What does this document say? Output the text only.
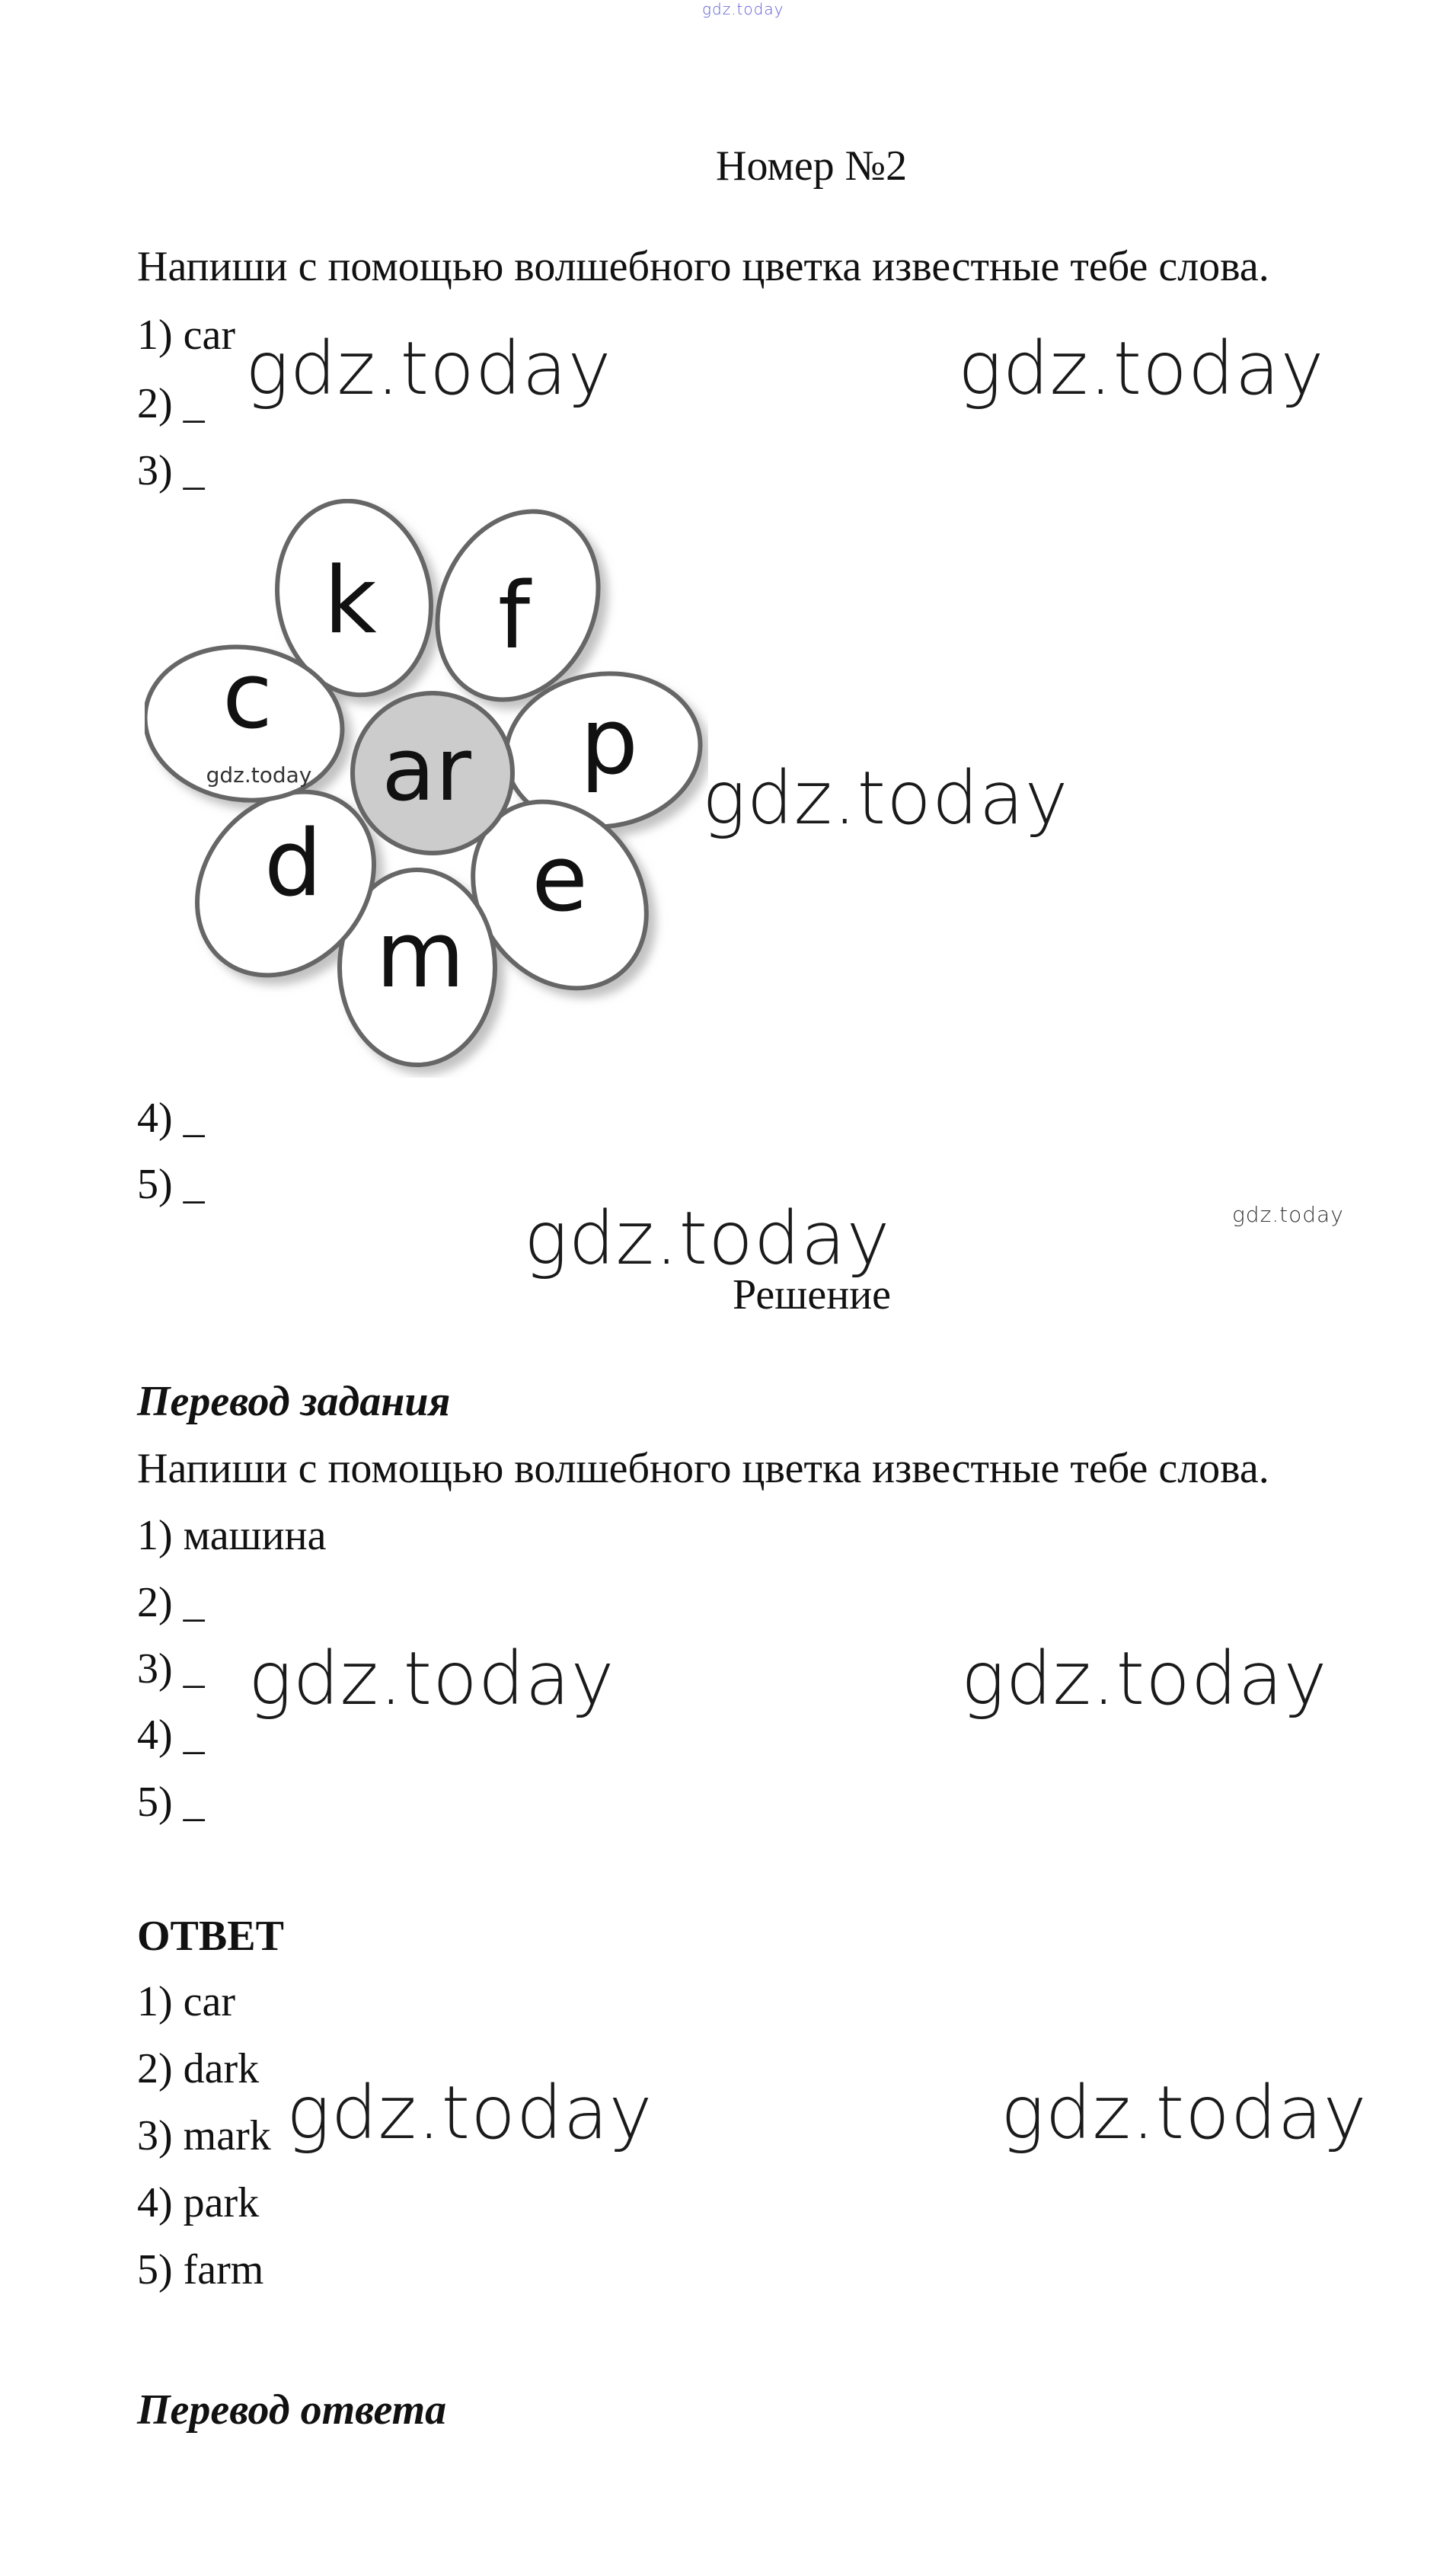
gdz.today
Номер №2
Напиши с помощью волшебного цветка известные тебе слова.
1) car
2) _
3) _
gdz.today	gdz.today
k f
p
e
m
d
c
ar
gdz.today	gdz.today
4) _
5) _
gdz.today
gdz.today
Решение
Перевод задания
Напиши с помощью волшебного цветка известные тебе слова.
1) машина
2) _
3) _
4) _
5) _
gdz.today	gdz.today
ОТВЕТ
1) car
2) dark
3) mark
4) park
5) farm
gdz.today	gdz.today
Перевод ответа
